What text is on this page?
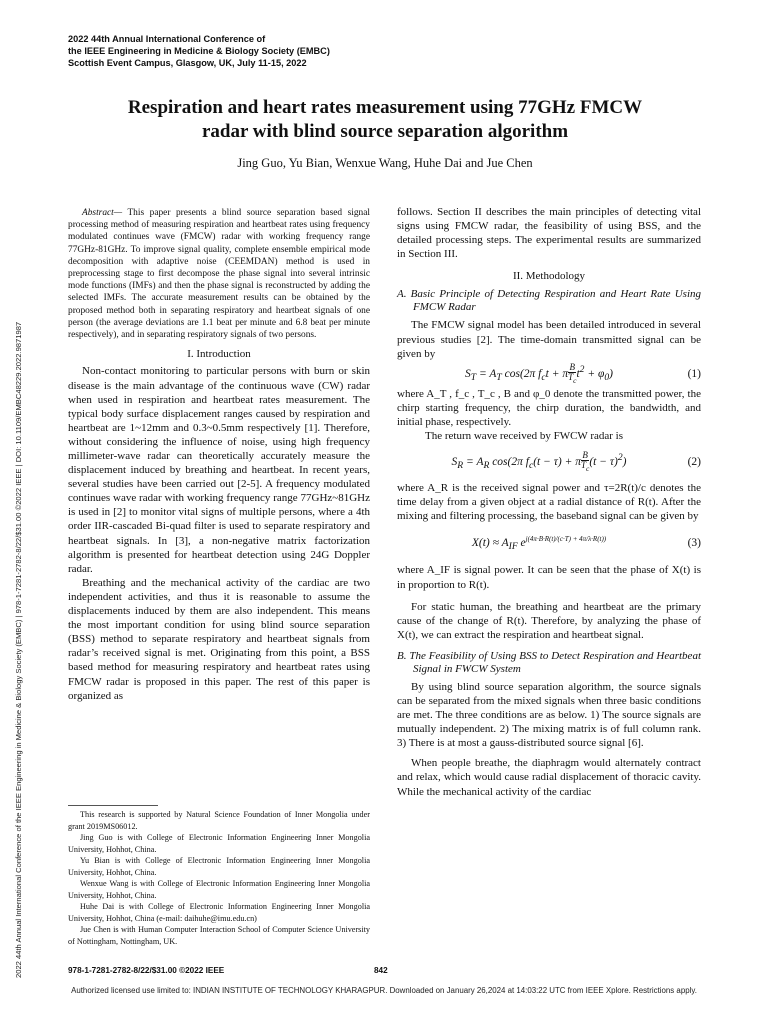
2022 44th Annual International Conference of
the IEEE Engineering in Medicine & Biology Society (EMBC)
Scottish Event Campus, Glasgow, UK, July 11-15, 2022
2022 44th Annual International Conference of the IEEE Engineering in Medicine & Biology Society (EMBC) | 978-1-7281-2782-8/22/$31.00 ©2022 IEEE | DOI: 10.1109/EMBC48229.2022.9871987
Respiration and heart rates measurement using 77GHz FMCW
radar with blind source separation algorithm
Jing Guo, Yu Bian, Wenxue Wang, Huhe Dai and Jue Chen

Abstract— This paper presents a blind source separation based signal processing method of measuring respiration and heartbeat rates using frequency modulated continues wave (FMCW) radar with working frequency range 77GHz-81GHz. To improve signal quality, complete ensemble empirical mode decomposition with adaptive noise (CEEMDAN) method is used in preprocessing stage to first decompose the phase signal into several intrinsic mode functions (IMFs) and then the phase signal is reconstructed by adding the selected IMFs. The accurate measurement results can be obtained by the proposed method both in separating respiratory and heartbeat signals of one person (the average deviations are 1.1 beat per minute and 6.8 beat per minute respectively), and in separating respiratory signals of two persons.

I. Introduction

Non-contact monitoring to particular persons with burn or skin disease is the main advantage of the continuous wave (CW) radar when used in respiration and heartbeat rates measurement. The typical body surface displacement ranges caused by respiration and heartbeat are 1~12mm and 0.3~0.5mm respectively [1]. Therefore, without considering the influence of noise, using high frequency millimeter-wave radar can theoretically accurately measure the displacement induced by breathing and heartbeat. In recent years, several studies have been carried out [2-5]. A frequency modulated continues wave radar with working frequency range 77GHz~81GHz is used in [2] to monitor vital signs of multiple persons, where a 4th order IIR-cascaded Bi-quad filter is used to separate respiratory and heartbeat signals. In [3], a non-negative matrix factorization algorithm is presented for heartbeat detection using 24G Doppler radar.

Breathing and the mechanical activity of the cardiac are two independent activities, and thus it is reasonable to assume the displacements induced by them are also independent. This means the most important condition for using blind source separation (BSS) method to separate respiratory and heartbeat signals from radar’s received signal is met. Originating from this point, a BSS based method for measuring respiratory and heartbeat rates using FMCW radar is proposed in this paper. The rest of this paper is organized as

This research is supported by Natural Science Foundation of Inner Mongolia under grant 2019MS06012.

Jing Guo is with College of Electronic Information Engineering Inner Mongolia University, Hohhot, China.

Yu Bian is with College of Electronic Information Engineering Inner Mongolia University, Hohhot, China.

Wenxue Wang is with College of Electronic Information Engineering Inner Mongolia University, Hohhot, China.

Huhe Dai is with College of Electronic Information Engineering Inner Mongolia University, Hohhot, China (e-mail: daihuhe@imu.edu.cn)

Jue Chen is with Human Computer Interaction School of Computer Science University of Nottingham, Nottingham, UK.

follows. Section II describes the main principles of detecting vital signs using FMCW radar, the feasibility of using BSS, and the detailed processing steps. The experimental results are summarized in Section III.

II. Methodology
A. Basic Principle of Detecting Respiration and Heart Rate Using FMCW Radar

The FMCW signal model has been detailed introduced in several previous studies [2]. The time-domain transmitted signal can be given by

$S_T = A_T$ cos(2π $f_ct + \pi \frac{B}{T_c} t^2 + \varphi_0$)	(1)

where A_T , f_c , T_c , B and φ_0 denote the transmitted power, the chirp starting frequency, the chirp duration, the bandwidth, and initial phase, respectively.

The return wave received by FWCW radar is

$S_R = A_R$ cos(2π $f_c(t - \tau) + \pi \frac{B}{T_c} (t - \tau)^2$)	(2)

where A_R is the received signal power and τ=2R(t)/c denotes the time delay from a given object at a radial distance of R(t). After the mixing and filtering processing, the baseband signal can be given by

$X(t) \approx A_{IF}$ $e^{j(4\pi\cdot B\cdot R(t)/(c\cdot T) + 4\pi/\lambda\cdot R(t))}$	(3)

where A_IF is signal power. It can be seen that the phase of X(t) is in proportion to R(t).

For static human, the breathing and heartbeat are the primary cause of the change of R(t). Therefore, by analyzing the phase of X(t), we can extract the respiration and heartbeat signal.

B. The Feasibility of Using BSS to Detect Respiration and Heartbeat Signal in FWCW System

By using blind source separation algorithm, the source signals can be separated from the mixed signals when three basic conditions are met. The three conditions are as below. 1) The source signals are mutually independent. 2) The mixing matrix is of full column rank. 3) There is at most a gauss-distributed source signal [6].

When people breathe, the diaphragm would alternately contract and relax, which would cause radial displacement of thoracic cavity. While the mechanical activity of the cardiac

978-1-7281-2782-8/22/$31.00 ©2022 IEEE	842
Authorized licensed use limited to: INDIAN INSTITUTE OF TECHNOLOGY KHARAGPUR. Downloaded on January 26,2024 at 14:03:22 UTC from IEEE Xplore. Restrictions apply.
